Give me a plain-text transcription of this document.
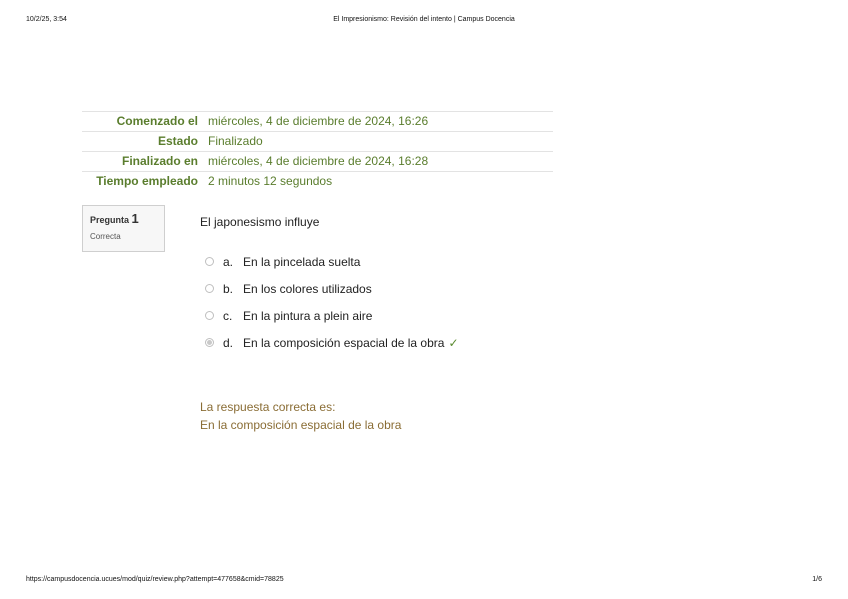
10/2/25, 3:54	El Impresionismo: Revisión del intento | Campus Docencia
Comenzado el	miércoles, 4 de diciembre de 2024, 16:26
Estado	Finalizado
Finalizado en	miércoles, 4 de diciembre de 2024, 16:28
Tiempo empleado	2 minutos 12 segundos
Pregunta 1
Correcta
El japonesismo influye
a. En la pincelada suelta
b. En los colores utilizados
c. En la pintura a plein aire
d. En la composición espacial de la obra ✓
La respuesta correcta es:
En la composición espacial de la obra
https://campusdocencia.ucues/mod/quiz/review.php?attempt=477658&cmid=78825	1/6
